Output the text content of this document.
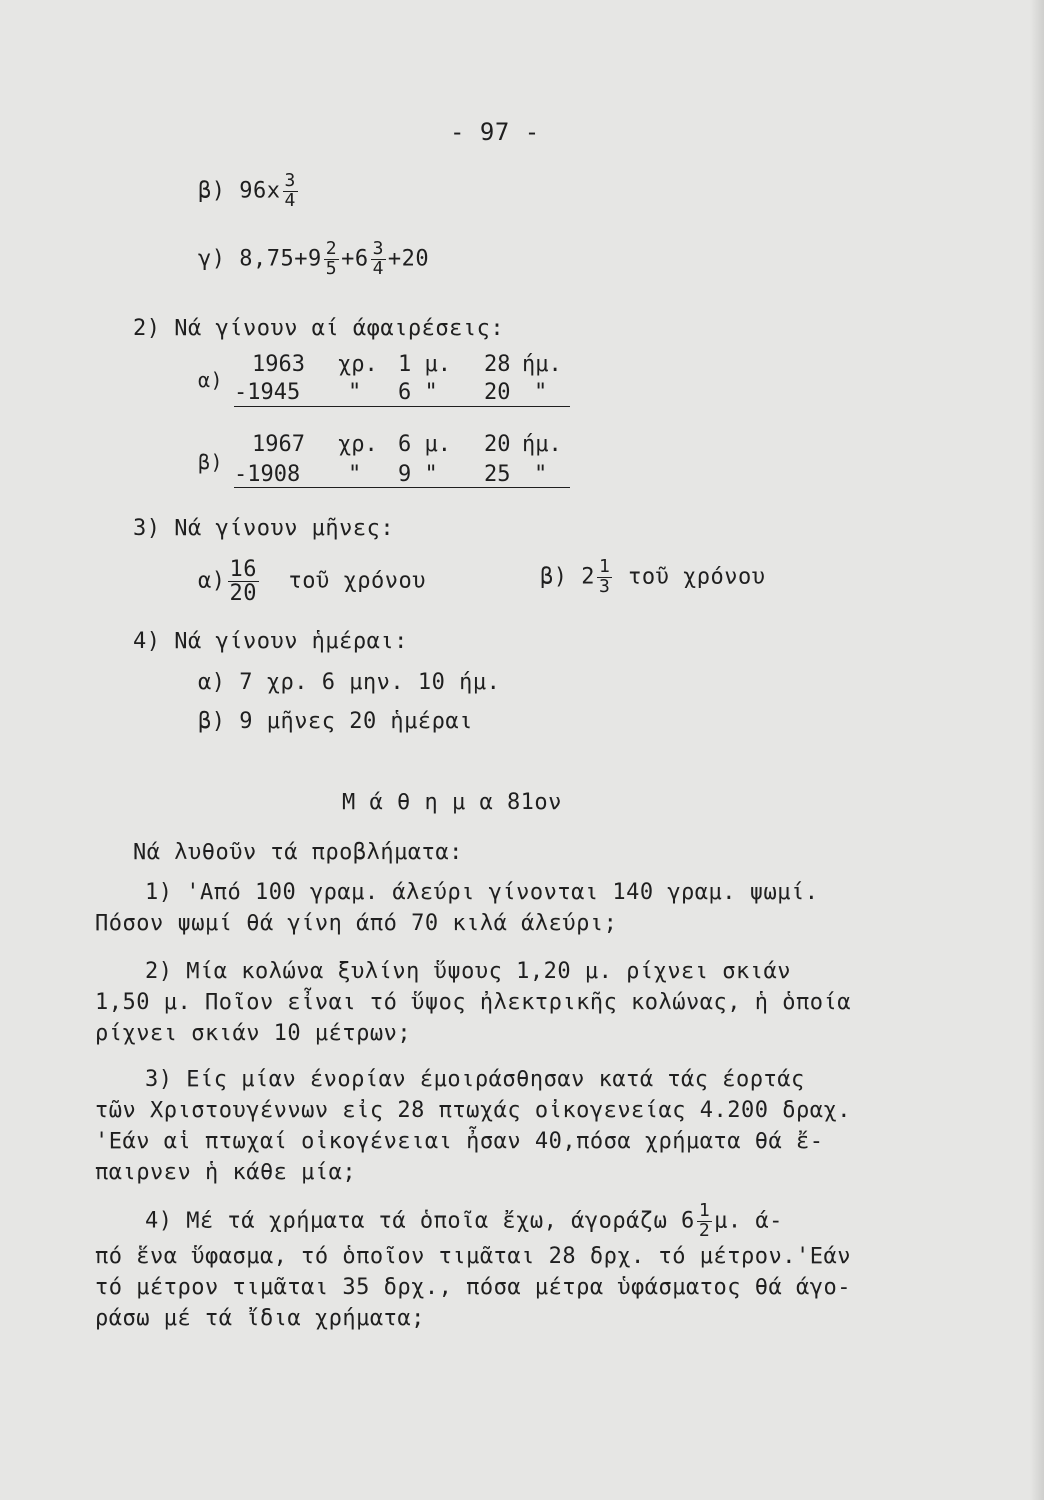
- 97 -
β) $96x \frac{3}{4}$
γ) $8,75+9 \frac{2}{5} +6 \frac{3}{4} +20$
2) Νά γίνουν αί άφαιρέσεις:
α)
1963 χρ. 1 μ. 28 ήμ.
-1945 " 6 " 20 "
β)
1967 χρ. 6 μ. 20 ήμ.
-1908 " 9 " 25 "
3) Νά γίνουν μῆνες:
$\alpha) \frac{16}{20}$ τοῦ χρόνου	β) $2 \frac{1}{3}$ τοῦ χρόνου
4) Νά γίνουν ἡμέραι:
α) 7 χρ. 6 μην. 10 ήμ.
β) 9 μῆνες 20 ἡμέραι
Μ ά θ η μ α 81ον
Νά λυθοῦν τά προβλήματα:
1) 'Από 100 γραμ. άλεύρι γίνονται 140 γραμ. ψωμί.
Πόσον ψωμί θά γίνη άπό 70 κιλά άλεύρι;
2) Μία κολώνα ξυλίνη ὕψους 1,20 μ. ρίχνει σκιάν
1,50 μ. Ποῖον εἶναι τό ὕψος ἠλεκτρικῆς κολώνας, ἡ ὁποία
ρίχνει σκιάν 10 μέτρων;
3) Είς μίαν ένορίαν έμοιράσθησαν κατά τάς έορτάς
τῶν Χριστουγέννων εἰς 28 πτωχάς οἰκογενείας 4.200 δραχ.
'Εάν αἱ πτωχαί οἰκογένειαι ἦσαν 40,πόσα χρήματα θά ἔ-
παιρνεν ἡ κάθε μία;
4) Μέ τά χρήματα τά ὁποῖα ἔχω, άγοράζω $6 \frac{1}{2} \mu$. ά-
πό ἕνα ὕφασμα, τό ὁποῖον τιμᾶται 28 δρχ. τό μέτρον.'Εάν
τό μέτρον τιμᾶται 35 δρχ., πόσα μέτρα ὑφάσματος θά άγο-
ράσω μέ τά ἴδια χρήματα;
